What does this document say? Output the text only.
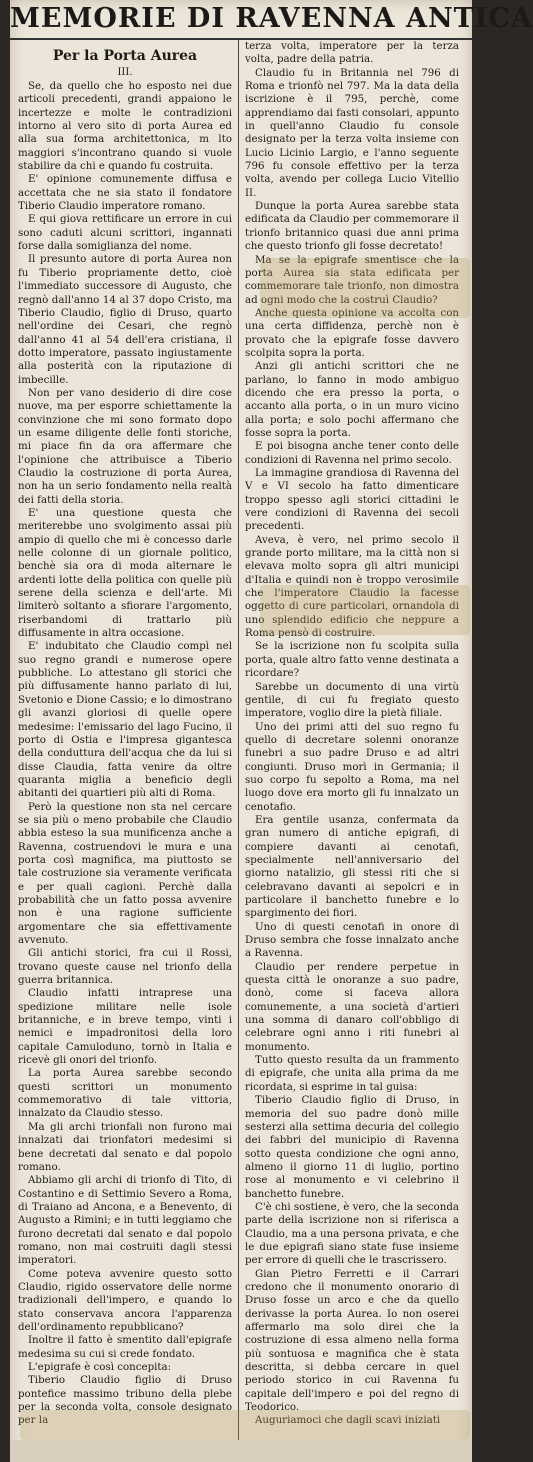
MEMORIE DI RAVENNA ANTICA
Per la Porta Aurea
III.

Se, da quello che ho esposto nei due articoli precedenti, grandi appaiono le incertezze e molte le contradizioni intorno al vero sito di porta Aurea ed alla sua forma architettonica, m lto maggiori s'incontrano quando si vuole stabilire da chi e quando fu costruita.

E' opinione comunemente diffusa e accettata che ne sia stato il fondatore Tiberio Claudio imperatore romano.

E qui giova rettificare un errore in cui sono caduti alcuni scrittori, ingannati forse dalla somiglianza del nome.

Il presunto autore di porta Aurea non fu Tiberio propriamente detto, cioè l'immediato successore di Augusto, che regnò dall'anno 14 al 37 dopo Cristo, ma Tiberio Claudio, figlio di Druso, quarto nell'ordine dei Cesari, che regnò dall'anno 41 al 54 dell'era cristiana, il dotto imperatore, passato ingiustamente alla posterità con la riputazione di imbecille.

Non per vano desiderio di dire cose nuove, ma per esporre schiettamente la convinzione che mi sono formato dopo un esame diligente delle fonti storiche, mi piace fin da ora affermare che l'opinione che attribuisce a Tiberio Claudio la costruzione di porta Aurea, non ha un serio fondamento nella realtà dei fatti della storia.

E' una questione questa che meriterebbe uno svolgimento assai più ampio di quello che mi è concesso darle nelle colonne di un giornale politico, benchè sia ora di moda alternare le ardenti lotte della politica con quelle più serene della scienza e dell'arte. Mi limiterò soltanto a sfiorare l'argomento, riserbandomi di trattarlo più diffusamente in altra occasione.

E' indubitato che Claudio compì nel suo regno grandi e numerose opere pubbliche. Lo attestano gli storici che più diffusamente hanno parlato di lui, Svetonio e Dione Cassio; e lo dimostrano gli avanzi gloriosi di quelle opere medesime: l'emissario del lago Fucino, il porto di Ostia e l'impresa gigantesca della conduttura dell'acqua che da lui si disse Claudia, fatta venire da oltre quaranta miglia a beneficio degli abitanti dei quartieri più alti di Roma.

Però la questione non sta nel cercare se sia più o meno probabile che Claudio abbia esteso la sua munificenza anche a Ravenna, costruendovi le mura e una porta così magnifica, ma piuttosto se tale costruzione sia veramente verificata e per quali cagioni. Perchè dalla probabilità che un fatto possa avvenire non è una ragione sufficiente argomentare che sia effettivamente avvenuto.

Gli antichi storici, fra cui il Rossi, trovano queste cause nel trionfo della guerra britannica.

Claudio infatti intraprese una spedizione militare nelle isole britanniche, e in breve tempo, vinti i nemici e impadronitosi della loro capitale Camuloduno, tornò in Italia e ricevè gli onori del trionfo.

La porta Aurea sarebbe secondo questi scrittori un monumento commemorativo di tale vittoria, innalzato da Claudio stesso.

Ma gli archi trionfali non furono mai innalzati dai trionfatori medesimi si bene decretati dal senato e dal popolo romano.

Abbiamo gli archi di trionfo di Tito, di Costantino e di Settimio Severo a Roma, di Traiano ad Ancona, e a Benevento, di Augusto a Rimini; e in tutti leggiamo che furono decretati dal senato e dal popolo romano, non mai costruiti dagli stessi imperatori.

Come poteva avvenire questo sotto Claudio, rigido osservatore delle norme tradizionali dell'impero, e quando lo stato conservava ancora l'apparenza dell'ordinamento repubblicano?

Inoltre il fatto è smentito dall'epigrafe medesima su cui si crede fondato.

L'epigrafe è così concepita:

Tiberio Claudio figlio di Druso pontefice massimo tribuno della plebe per la seconda volta, console designato per la

terza volta, imperatore per la terza volta, padre della patria.

Claudio fu in Britannia nel 796 di Roma e trionfò nel 797. Ma la data della iscrizione è il 795, perchè, come apprendiamo dai fasti consolari, appunto in quell'anno Claudio fu console designato per la terza volta insieme con Lucio Licinio Largio, e l'anno seguente 796 fu console effettivo per la terza volta, avendo per collega Lucio Vitellio II.

Dunque la porta Aurea sarebbe stata edificata da Claudio per commemorare il trionfo britannico quasi due anni prima che questo trionfo gli fosse decretato!

Ma se la epigrafe smentisce che la porta Aurea sia stata edificata per commemorare tale trionfo, non dimostra ad ogni modo che la costruì Claudio?

Anche questa opinione va accolta con una certa diffidenza, perchè non è provato che la epigrafe fosse davvero scolpita sopra la porta.

Anzi gli antichi scrittori che ne parlano, lo fanno in modo ambiguo dicendo che era presso la porta, o accanto alla porta, o in un muro vicino alla porta; e solo pochi affermano che fosse sopra la porta.

E poi bisogna anche tener conto delle condizioni di Ravenna nel primo secolo.

La immagine grandiosa di Ravenna del V e VI secolo ha fatto dimenticare troppo spesso agli storici cittadini le vere condizioni di Ravenna dei secoli precedenti.

Aveva, è vero, nel primo secolo il grande porto militare, ma la città non si elevava molto sopra gli altri municipi d'Italia e quindi non è troppo verosimile che l'imperatore Claudio la facesse oggetto di cure particolari, ornandola di uno splendido edificio che neppure a Roma pensò di costruire.

Se la iscrizione non fu scolpita sulla porta, quale altro fatto venne destinata a ricordare?

Sarebbe un documento di una virtù gentile, di cui fu fregiato questo imperatore, voglio dire la pietà filiale.

Uno dei primi atti del suo regno fu quello di decretare solenni onoranze funebri a suo padre Druso e ad altri congiunti. Druso morì in Germania; il suo corpo fu sepolto a Roma, ma nel luogo dove era morto gli fu innalzato un cenotafio.

Era gentile usanza, confermata da gran numero di antiche epigrafi, di compiere davanti ai cenotafi, specialmente nell'anniversario del giorno natalizio, gli stessi riti che si celebravano davanti ai sepolcri e in particolare il banchetto funebre e lo spargimento dei fiori.

Uno di questi cenotafi in onore di Druso sembra che fosse innalzato anche a Ravenna.

Claudio per rendere perpetue in questa città le onoranze a suo padre, donò, come si faceva allora comunemente, a una società d'artieri una somma di danaro coll'obbligo di celebrare ogni anno i riti funebri al monumento.

Tutto questo resulta da un frammento di epigrafe, che unita alla prima da me ricordata, si esprime in tal guisa:

Tiberio Claudio figlio di Druso, in memoria del suo padre donò mille sesterzi alla settima decuria del collegio dei fabbri del municipio di Ravenna sotto questa condizione che ogni anno, almeno il giorno 11 di luglio, portino rose al monumento e vi celebrino il banchetto funebre.

C'è chi sostiene, è vero, che la seconda parte della iscrizione non si riferisca a Claudio, ma a una persona privata, e che le due epigrafi siano state fuse insieme per errore di quelli che le trascrissero.

Gian Pietro Ferretti e il Carrari credono che il monumento onorario di Druso fosse un arco e che da quello derivasse la porta Aurea. Io non oserei affermarlo ma solo direi che la costruzione di essa almeno nella forma più sontuosa e magnifica che è stata descritta, si debba cercare in quel periodo storico in cui Ravenna fu capitale dell'impero e poi del regno di Teodorico.

Auguriamoci che dagli scavi iniziati
